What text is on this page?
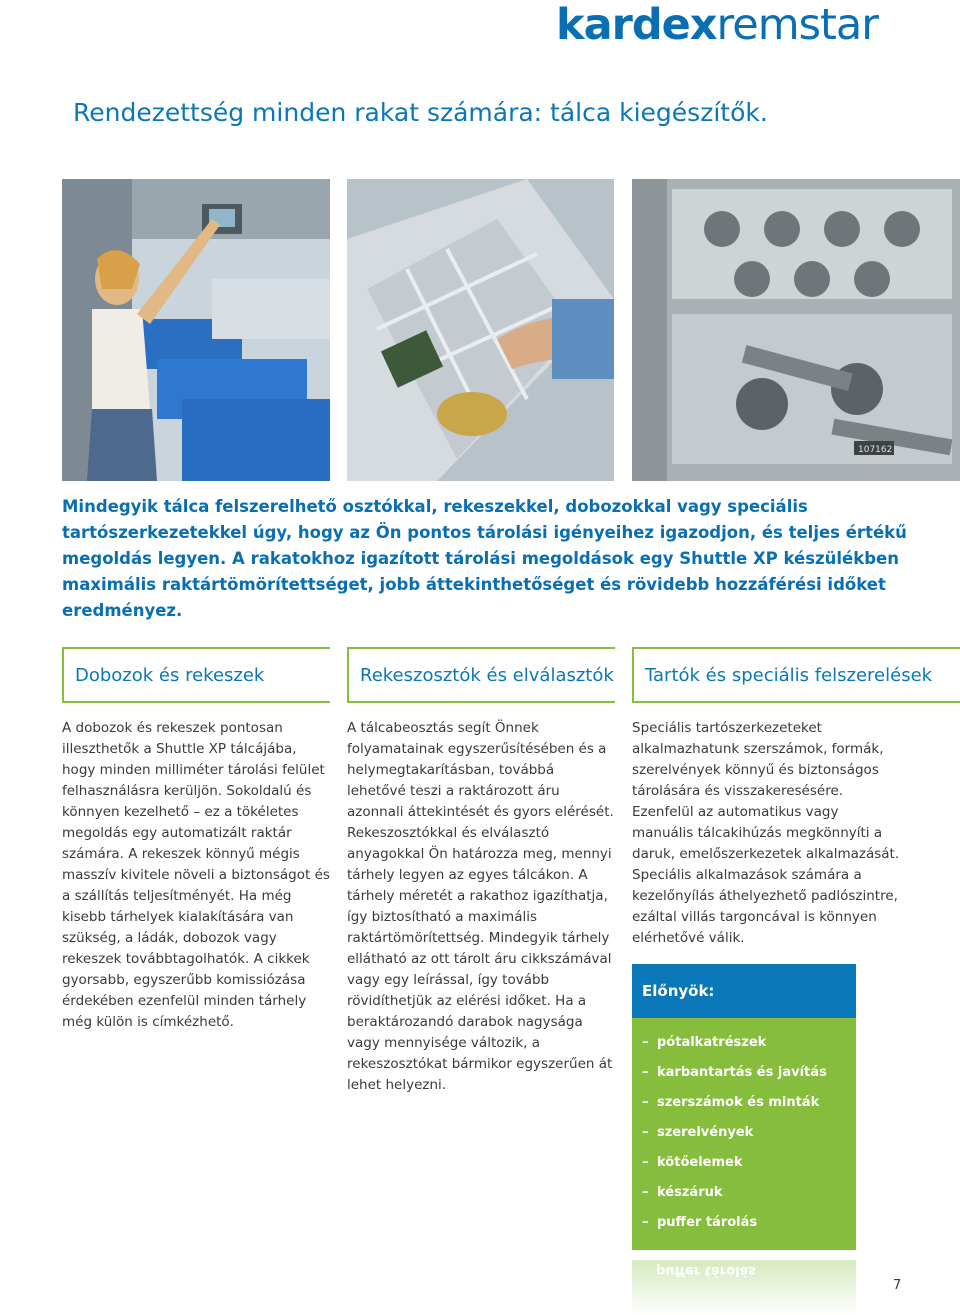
kardexremstar
Rendezettség minden rakat számára: tálca kiegészítők.
107162
Mindegyik tálca felszerelhető osztókkal, rekeszekkel, dobozokkal vagy speciális tartószerkezetekkel úgy, hogy az Ön pontos tárolási igényeihez igazodjon, és teljes értékű megoldás legyen. A rakatokhoz igazított tárolási megoldások egy Shuttle XP készülékben maximális raktártömörítettséget, jobb áttekinthetőséget és rövidebb hozzáférési időket eredményez.
Dobozok és rekeszek	Rekeszosztók és elválasztók Tartók és speciális felszerelések
A dobozok és rekeszek pontosan illeszthetők a Shuttle XP tálcájába, hogy minden milliméter tárolási felület felhasználásra kerüljön. Sokoldalú és könnyen kezelhető – ez a tökéletes megoldás egy automatizált raktár számára. A rekeszek könnyű mégis masszív kivitele növeli a biztonságot és a szállítás teljesítményét. Ha még kisebb tárhelyek kialakítására van szükség, a ládák, dobozok vagy rekeszek továbbtagolhatók. A cikkek gyorsabb, egyszerűbb komissiózása érdekében ezenfelül minden tárhely még külön is címkézhető.
A tálcabeosztás segít Önnek folyamatainak egyszerűsítésében és a helymegtakarításban, továbbá lehetővé teszi a raktározott áru azonnali áttekintését és gyors elérését. Rekeszosztókkal és elválasztó anyagokkal Ön határozza meg, mennyi tárhely legyen az egyes tálcákon. A tárhely méretét a rakathoz igazíthatja, így biztosítható a maximális raktártömörítettség. Mindegyik tárhely ellátható az ott tárolt áru cikkszámával vagy egy leírással, így tovább rövidíthetjük az elérési időket. Ha a beraktározandó darabok nagysága vagy mennyisége változik, a rekeszosztókat bármikor egyszerűen át lehet helyezni.
Speciális tartószerkezeteket alkalmazhatunk szerszámok, formák, szerelvények könnyű és biztonságos tárolására és visszakeresésére. Ezenfelül az automatikus vagy manuális tálcakihúzás megkönnyíti a daruk, emelőszerkezetek alkalmazását. Speciális alkalmazások számára a kezelőnyílás áthelyezhető padlószintre, ezáltal villás targoncával is könnyen elérhetővé válik.
Előnyök:
– pótalkatrészek
– karbantartás és javítás
– szerszámok és minták
– szerelvények
– kötőelemek
– készáruk
– puffer tárolás
puffer tárolás
7
